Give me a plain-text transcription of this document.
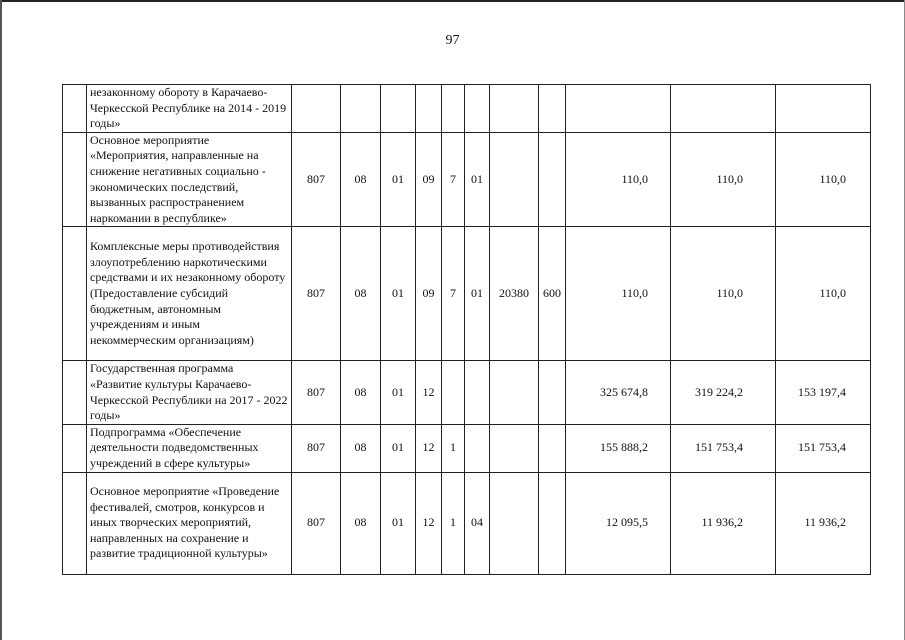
97
	незаконному обороту в Карачаево-Черкесской Республике на 2014 - 2019 годы»											
	Основное мероприятие «Мероприятия, направленные на снижение негативных социально - экономических последствий, вызванных распространением наркомании в республике»	807	08	01	09	7	01			110,0	110,0	110,0
	Комплексные меры противодействия злоупотреблению наркотическими средствами и их незаконному обороту (Предоставление субсидий бюджетным, автономным учреждениям и иным некоммерческим организациям)	807	08	01	09	7	01	20380	600	110,0	110,0	110,0
	Государственная программа «Развитие культуры Карачаево-Черкесской Республики на 2017 - 2022 годы»	807	08	01	12					325 674,8	319 224,2	153 197,4
	Подпрограмма «Обеспечение деятельности подведомственных учреждений в сфере культуры»	807	08	01	12	1				155 888,2	151 753,4	151 753,4
	Основное мероприятие «Проведение фестивалей, смотров, конкурсов и иных творческих мероприятий, направленных на сохранение и развитие традиционной культуры»	807	08	01	12	1	04			12 095,5	11 936,2	11 936,2
